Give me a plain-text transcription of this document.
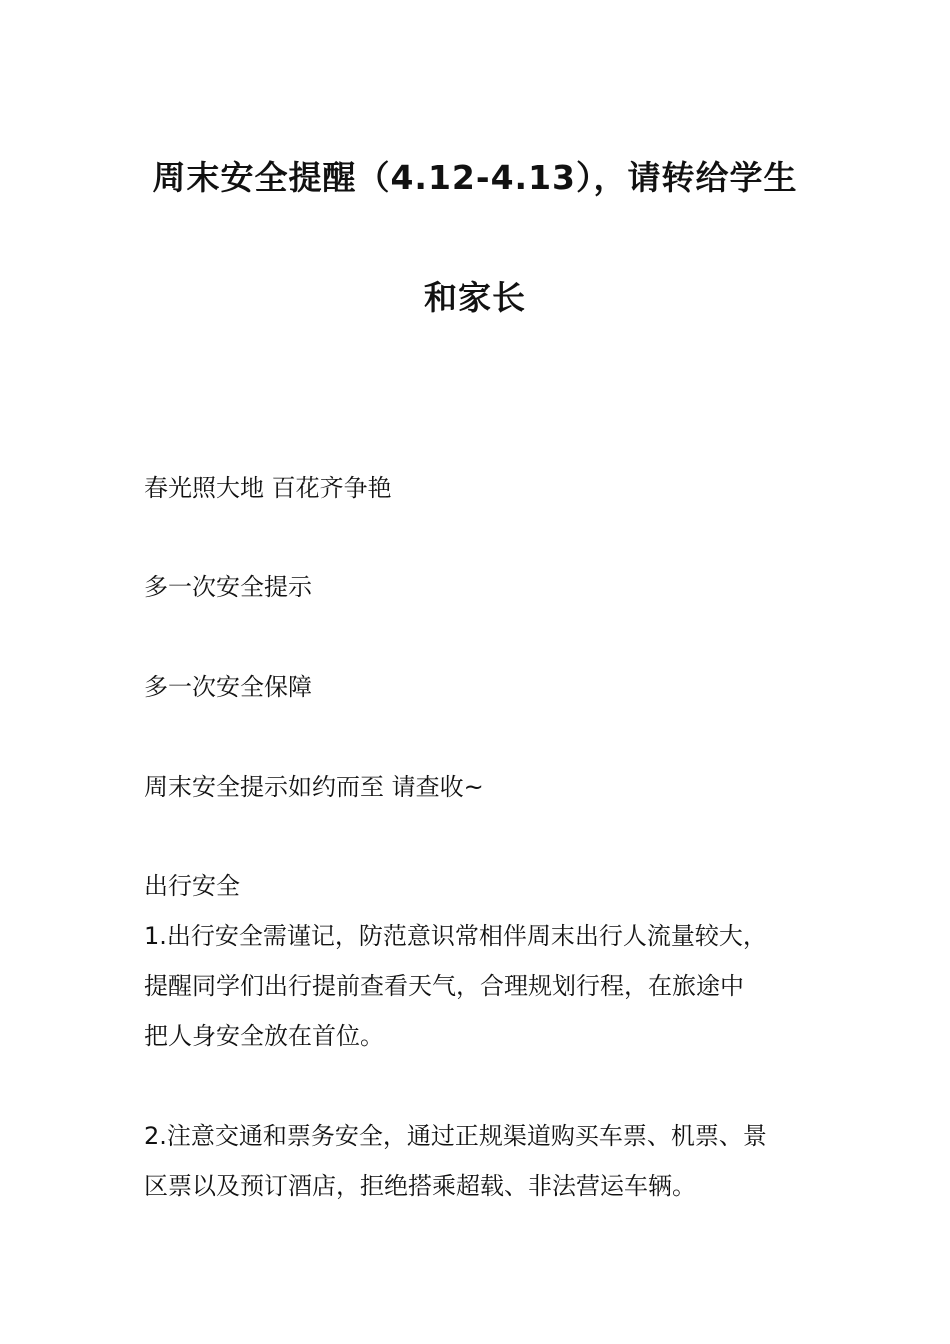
周末安全提醒（4.12-4.13），请转给学生
和家长
春光照大地 百花齐争艳
多一次安全提示
多一次安全保障
周末安全提示如约而至 请查收~
出行安全
1.出行安全需谨记，防范意识常相伴周末出行人流量较大，
提醒同学们出行提前查看天气，合理规划行程，在旅途中
把人身安全放在首位。
2.注意交通和票务安全，通过正规渠道购买车票、机票、景
区票以及预订酒店，拒绝搭乘超载、非法营运车辆。
